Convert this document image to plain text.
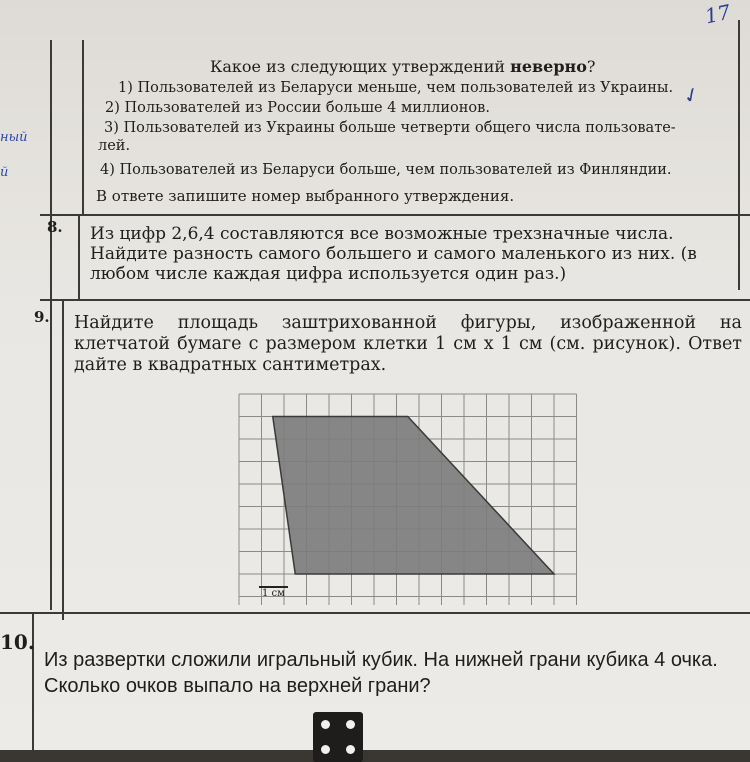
17
ный
й
Какое из следующих утверждений неверно?
1) Пользователей из Беларуси меньше, чем пользователей из Украины. ✓
2) Пользователей из России больше 4 миллионов.
3) Пользователей из Украины больше четверти общего числа пользовате-
лей.
4) Пользователей из Беларуси больше, чем пользователей из Финляндии.
В ответе запишите номер выбранного утверждения.
8. Из цифр 2,6,4 составляются все возможные трехзначные числа. Найдите разность самого большего и самого маленького из них. (в любом числе каждая цифра используется один раз.)
9. Найдите площадь заштрихованной фигуры, изображенной на клетчатой бумаге с размером клетки 1 см х 1 см (см. рисунок). Ответ дайте в квадратных сантиметрах.
1 см
10.
Из развертки сложили игральный кубик. На нижней грани кубика 4 очка. Сколько очков выпало на верхней грани?
